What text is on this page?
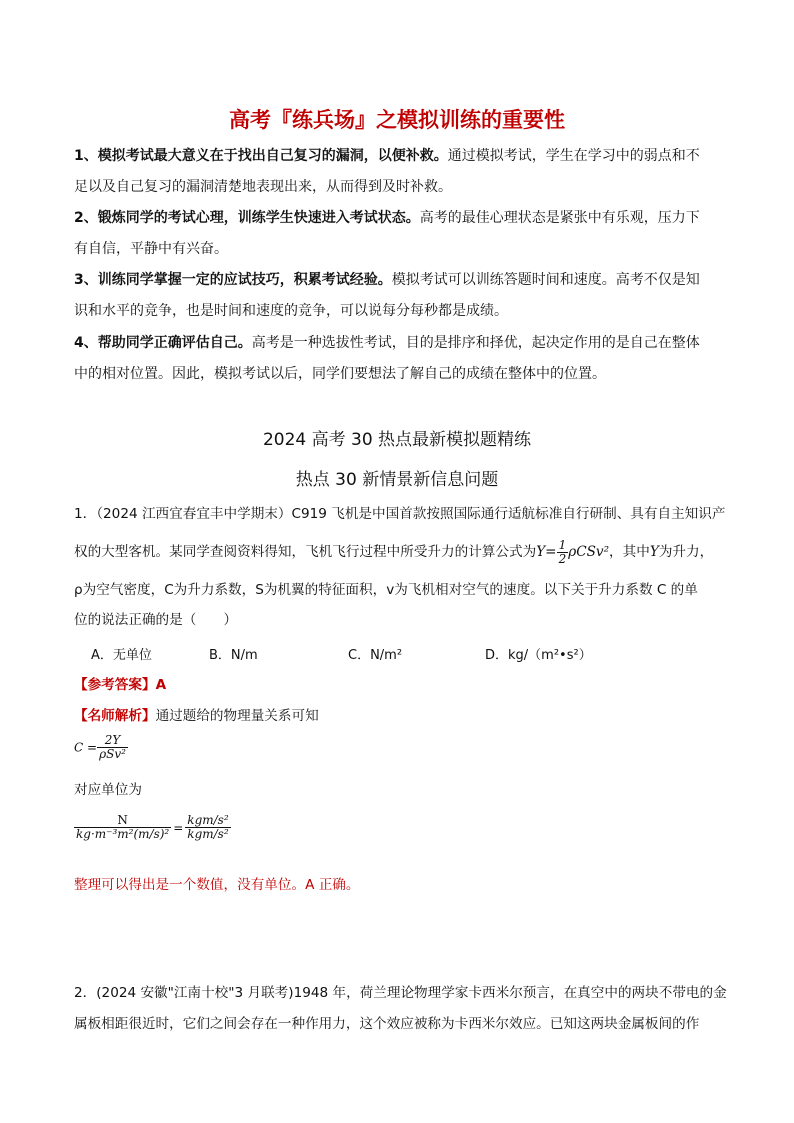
高考『练兵场』之模拟训练的重要性
1、模拟考试最大意义在于找出自己复习的漏洞，以便补救。通过模拟考试，学生在学习中的弱点和不
足以及自己复习的漏洞清楚地表现出来，从而得到及时补救。
2、锻炼同学的考试心理，训练学生快速进入考试状态。高考的最佳心理状态是紧张中有乐观，压力下
有自信，平静中有兴奋。
3、训练同学掌握一定的应试技巧，积累考试经验。模拟考试可以训练答题时间和速度。高考不仅是知
识和水平的竞争，也是时间和速度的竞争，可以说每分每秒都是成绩。
4、帮助同学正确评估自己。高考是一种选拔性考试，目的是排序和择优，起决定作用的是自己在整体
中的相对位置。因此，模拟考试以后，同学们要想法了解自己的成绩在整体中的位置。
2024 高考 30 热点最新模拟题精练
热点 30 新情景新信息问题
1．（2024 江西宜春宜丰中学期末）C919 飞机是中国首款按照国际通行适航标准自行研制、具有自主知识产
权的大型客机。某同学查阅资料得知，飞机飞行过程中所受升力的计算公式为$Y= \frac{1}{2} \rho CSv^2$，其中Y为升力，
ρ为空气密度，C为升力系数，S为机翼的特征面积，v为飞机相对空气的速度。以下关于升力系数 C 的单
位的说法正确的是（　　）
A．无单位	B．N/m	C．N/m²	D．kg/（m²•s²）
【参考答案】A
【名师解析】通过题给的物理量关系可知
$C = \frac{2Y}{\text{ρSv²}}$
对应单位为
$\frac{N}{\text{kg·m⁻³m²(m/s)²}} = \frac{\text{kgm/s²}}{\text{kgm/s²}}$
整理可以得出是一个数值，没有单位。A 正确。
2．(2024 安徽"江南十校"3 月联考)1948 年，荷兰理论物理学家卡西米尔预言，在真空中的两块不带电的金
属板相距很近时，它们之间会存在一种作用力，这个效应被称为卡西米尔效应。已知这两块金属板间的作
